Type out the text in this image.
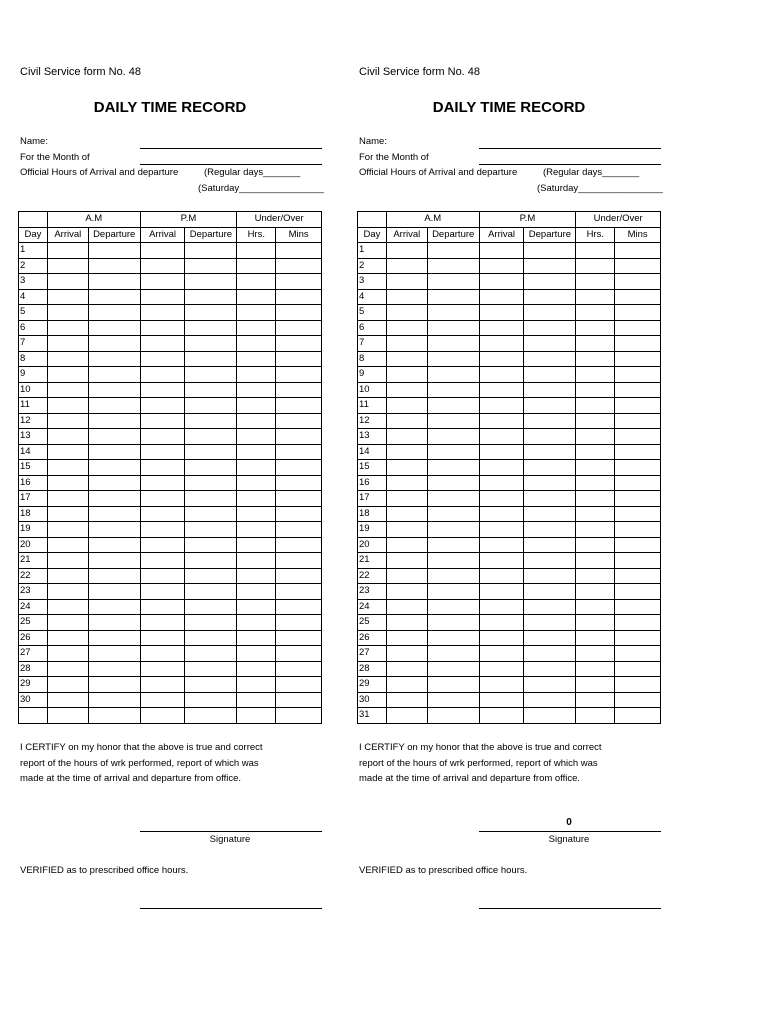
Civil Service form No. 48
DAILY TIME RECORD
Name:
For the Month of
Official Hours of Arrival and departure	(Regular days_______
(Saturday________________
	A.M		P.M		Under/Over	
Day	Arrival	Departure	Arrival	Departure	Hrs.	Mins
1						
2						
3						
4						
5						
6						
7						
8						
9						
10						
11						
12						
13						
14						
15						
16						
17						
18						
19						
20						
21						
22						
23						
24						
25						
26						
27						
28						
29						
30						

I CERTIFY on my honor that the above is true and correct
report of the hours of wrk performed, report of which was
made at the time of arrival and departure from office.
Signature
VERIFIED as to prescribed office hours.
Civil Service form No. 48
DAILY TIME RECORD
Name:
For the Month of
Official Hours of Arrival and departure	(Regular days_______
(Saturday________________
	A.M		P.M		Under/Over	
Day	Arrival	Departure	Arrival	Departure	Hrs.	Mins
1						
2						
3						
4						
5						
6						
7						
8						
9						
10						
11						
12						
13						
14						
15						
16						
17						
18						
19						
20						
21						
22						
23						
24						
25						
26						
27						
28						
29						
30						
31						
I CERTIFY on my honor that the above is true and correct
report of the hours of wrk performed, report of which was
made at the time of arrival and departure from office.
0
Signature
VERIFIED as to prescribed office hours.
